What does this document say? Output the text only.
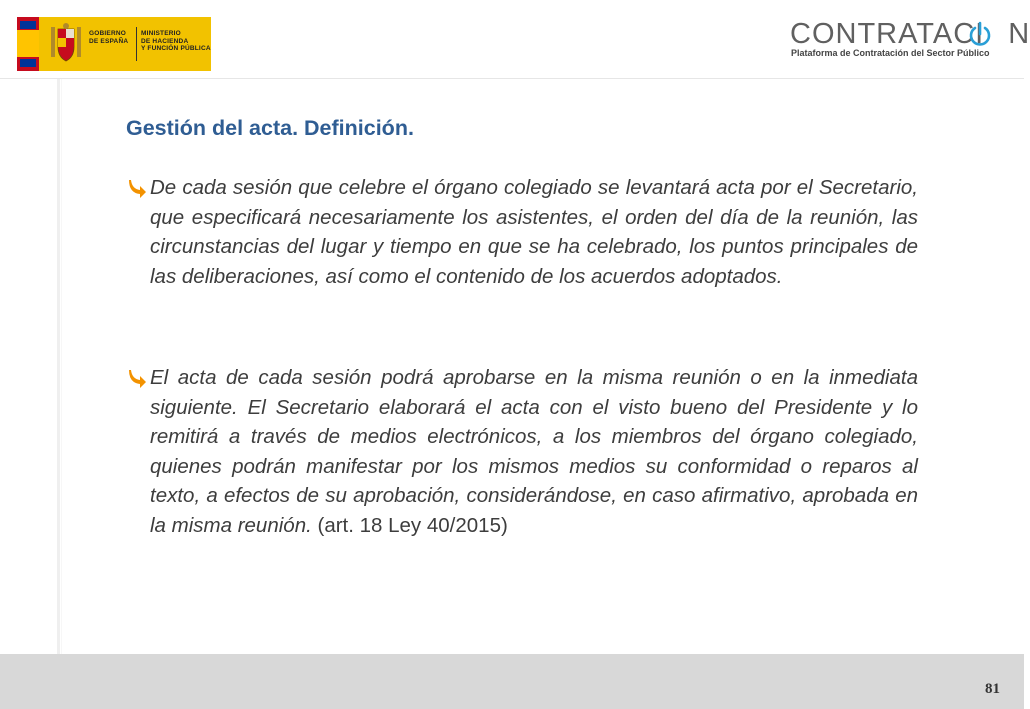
GOBIERNO
DE ESPAÑA
MINISTERIO
DE HACIENDA
Y FUNCIÓN PÚBLICA	CONTRATACI N
Plataforma de Contratación del Sector Público
Gestión del acta. Definición.
De cada sesión que celebre el órgano colegiado se levantará acta por el Secretario, que especificará necesariamente los asistentes, el orden del día de la reunión, las circunstancias del lugar y tiempo en que se ha celebrado, los puntos principales de las deliberaciones, así como el contenido de los acuerdos adoptados.
El acta de cada sesión podrá aprobarse en la misma reunión o en la inmediata siguiente. El Secretario elaborará el acta con el visto bueno del Presidente y lo remitirá a través de medios electrónicos, a los miembros del órgano colegiado, quienes podrán manifestar por los mismos medios su conformidad o reparos al texto, a efectos de su aprobación, considerándose, en caso afirmativo, aprobada en la misma reunión. (art. 18 Ley 40/2015)
81
